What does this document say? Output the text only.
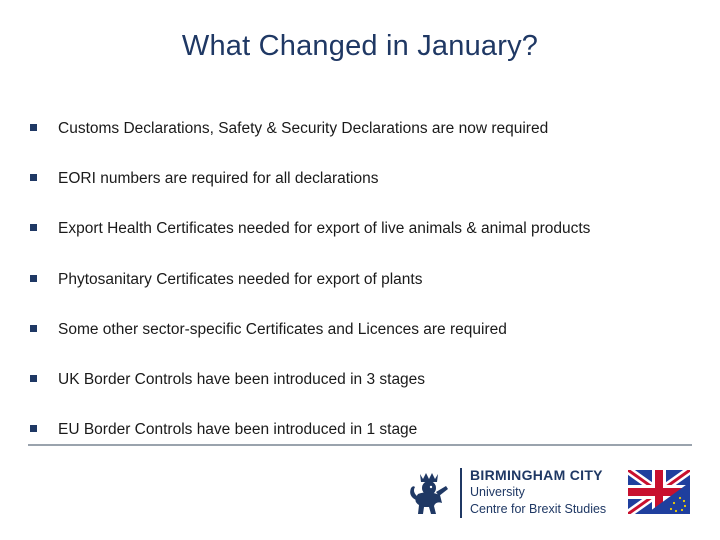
What Changed in January?
Customs Declarations, Safety & Security Declarations are now required
EORI numbers are required for all declarations
Export Health Certificates needed for export of live animals & animal products
Phytosanitary Certificates needed for export of plants
Some other sector-specific Certificates and Licences are required
UK Border Controls have been introduced in 3 stages
EU Border Controls have been introduced in 1 stage
BIRMINGHAM CITY
University
Centre for Brexit Studies
